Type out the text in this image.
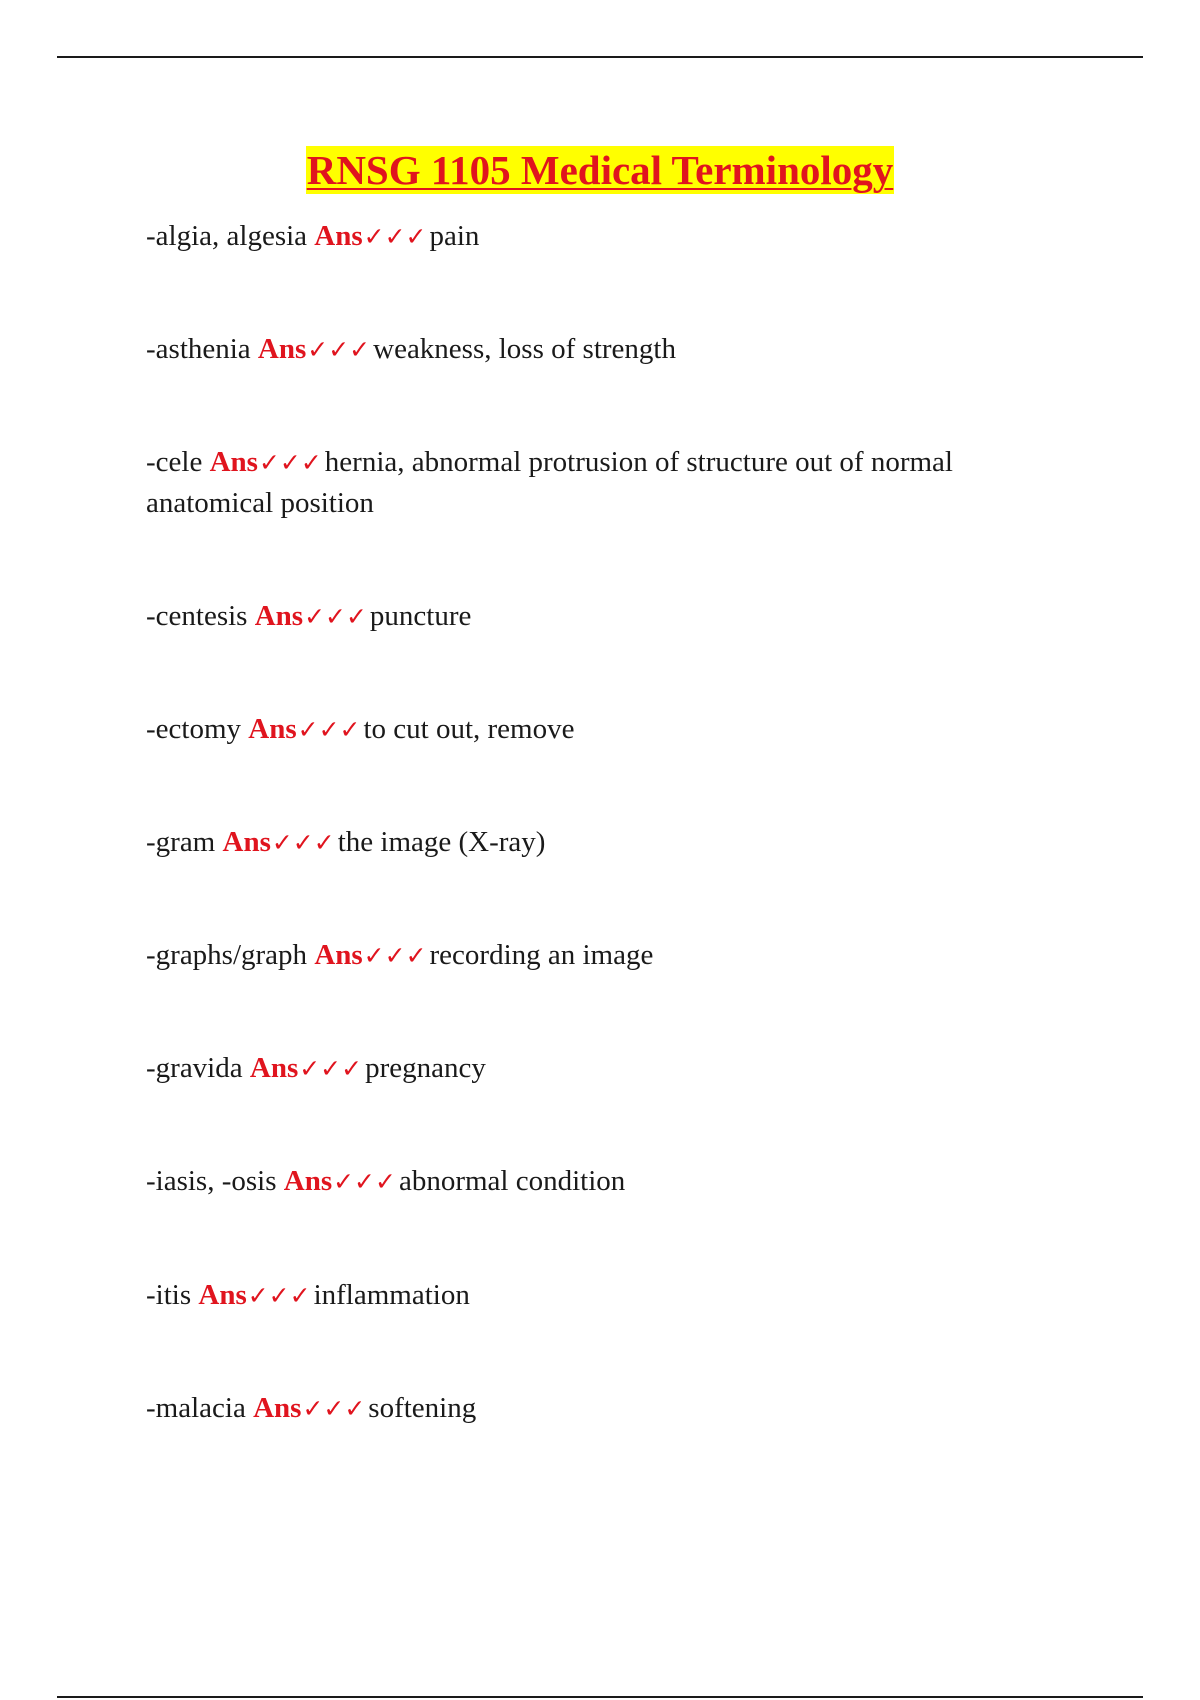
RNSG 1105 Medical Terminology
-algia, algesia Ans✓✓✓ pain
-asthenia Ans✓✓✓ weakness, loss of strength
-cele Ans✓✓✓ hernia, abnormal protrusion of structure out of normal anatomical position
-centesis Ans✓✓✓ puncture
-ectomy Ans✓✓✓ to cut out, remove
-gram Ans✓✓✓ the image (X-ray)
-graphs/graph Ans✓✓✓ recording an image
-gravida Ans✓✓✓ pregnancy
-iasis, -osis Ans✓✓✓ abnormal condition
-itis Ans✓✓✓ inflammation
-malacia Ans✓✓✓ softening
